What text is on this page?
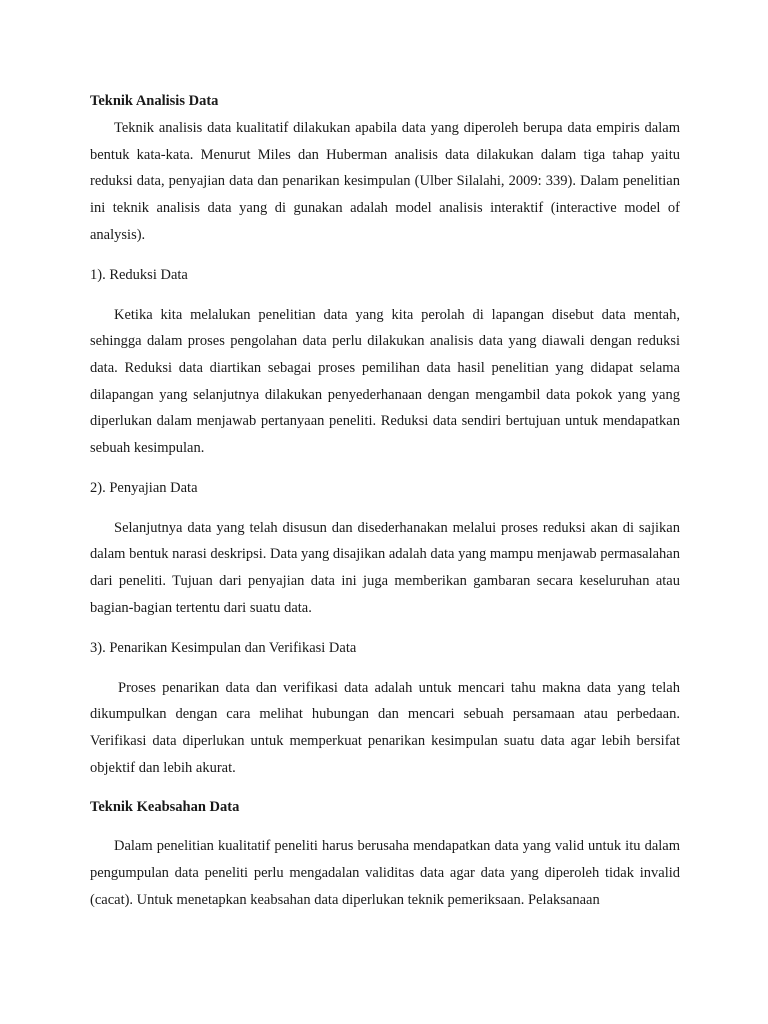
Teknik Analisis Data

Teknik analisis data kualitatif dilakukan apabila data yang diperoleh berupa data empiris dalam bentuk kata-kata. Menurut Miles dan Huberman analisis data dilakukan dalam tiga tahap yaitu reduksi data, penyajian data dan penarikan kesimpulan (Ulber Silalahi, 2009: 339). Dalam penelitian ini teknik analisis data yang di gunakan adalah model analisis interaktif (interactive model of analysis).

1). Reduksi Data

Ketika kita melalukan penelitian data yang kita perolah di lapangan disebut data mentah, sehingga dalam proses pengolahan data perlu dilakukan analisis data yang diawali dengan reduksi data. Reduksi data diartikan sebagai proses pemilihan data hasil penelitian yang didapat selama dilapangan yang selanjutnya dilakukan penyederhanaan dengan mengambil data pokok yang yang diperlukan dalam menjawab pertanyaan peneliti. Reduksi data sendiri bertujuan untuk mendapatkan sebuah kesimpulan.

2). Penyajian Data

Selanjutnya data yang telah disusun dan disederhanakan melalui proses reduksi akan di sajikan dalam bentuk narasi deskripsi. Data yang disajikan adalah data yang mampu menjawab permasalahan dari peneliti. Tujuan dari penyajian data ini juga memberikan gambaran secara keseluruhan atau bagian-bagian tertentu dari suatu data.

3). Penarikan Kesimpulan dan Verifikasi Data

Proses penarikan data dan verifikasi data adalah untuk mencari tahu makna data yang telah dikumpulkan dengan cara melihat hubungan dan mencari sebuah persamaan atau perbedaan. Verifikasi data diperlukan untuk memperkuat penarikan kesimpulan suatu data agar lebih bersifat objektif dan lebih akurat.

Teknik Keabsahan Data

Dalam penelitian kualitatif peneliti harus berusaha mendapatkan data yang valid untuk itu dalam pengumpulan data peneliti perlu mengadalan validitas data agar data yang diperoleh tidak invalid (cacat). Untuk menetapkan keabsahan data diperlukan teknik pemeriksaan. Pelaksanaan
